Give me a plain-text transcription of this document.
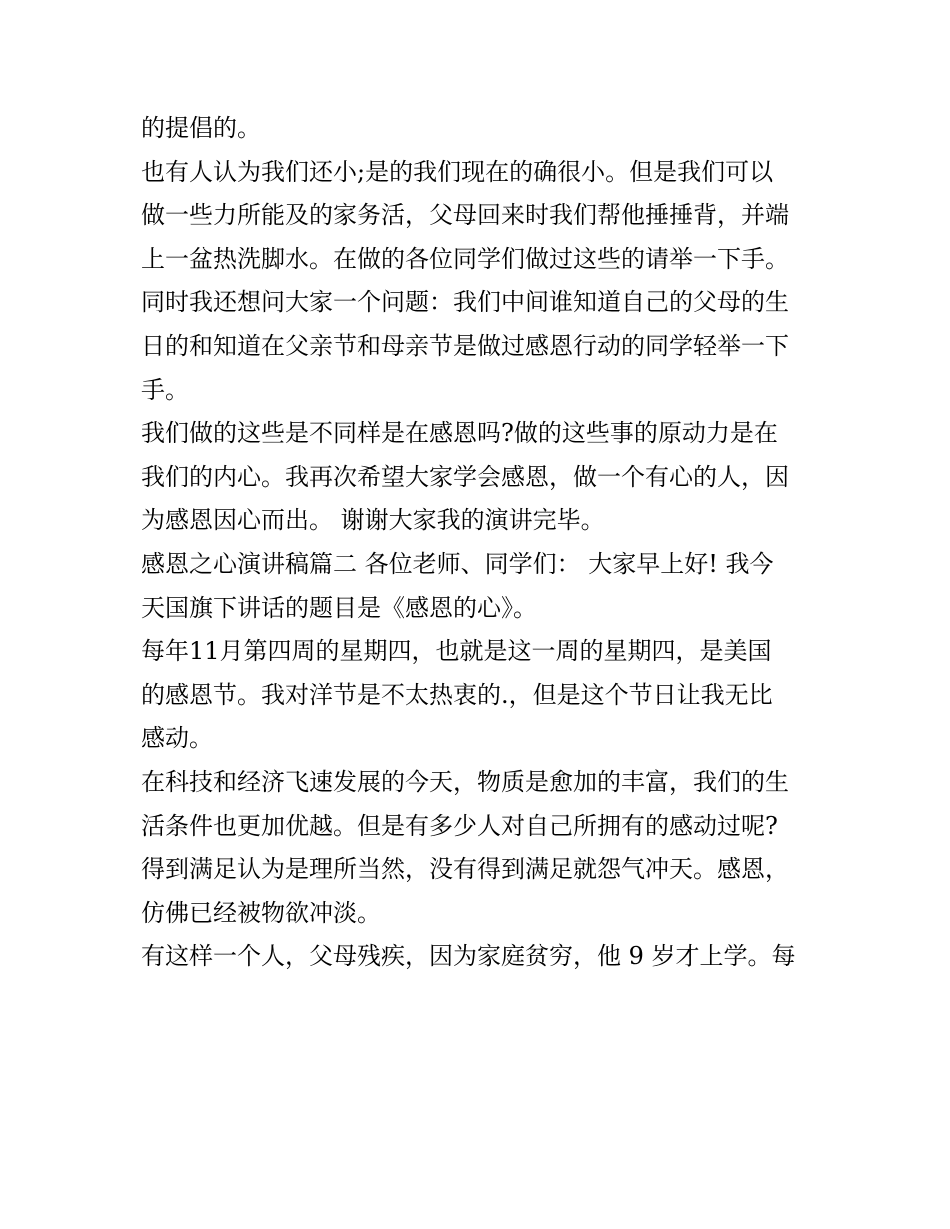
的提倡的。

也有人认为我们还小;是的我们现在的确很小。但是我们可以

做一些力所能及的家务活，父母回来时我们帮他捶捶背，并端

上一盆热洗脚水。在做的各位同学们做过这些的请举一下手。

同时我还想问大家一个问题：我们中间谁知道自己的父母的生

日的和知道在父亲节和母亲节是做过感恩行动的同学轻举一下

手。

我们做的这些是不同样是在感恩吗?做的这些事的原动力是在

我们的内心。我再次希望大家学会感恩，做一个有心的人，因

为感恩因心而出。 谢谢大家我的演讲完毕。

感恩之心演讲稿篇二 各位老师、同学们： 大家早上好! 我今

天国旗下讲话的题目是《感恩的心》。

每年11月第四周的星期四，也就是这一周的星期四，是美国

的感恩节。我对洋节是不太热衷的.，但是这个节日让我无比

感动。

在科技和经济飞速发展的今天，物质是愈加的丰富，我们的生

活条件也更加优越。但是有多少人对自己所拥有的感动过呢?

得到满足认为是理所当然，没有得到满足就怨气冲天。感恩，

仿佛已经被物欲冲淡。

有这样一个人，父母残疾，因为家庭贫穷，他 9 岁才上学。每
